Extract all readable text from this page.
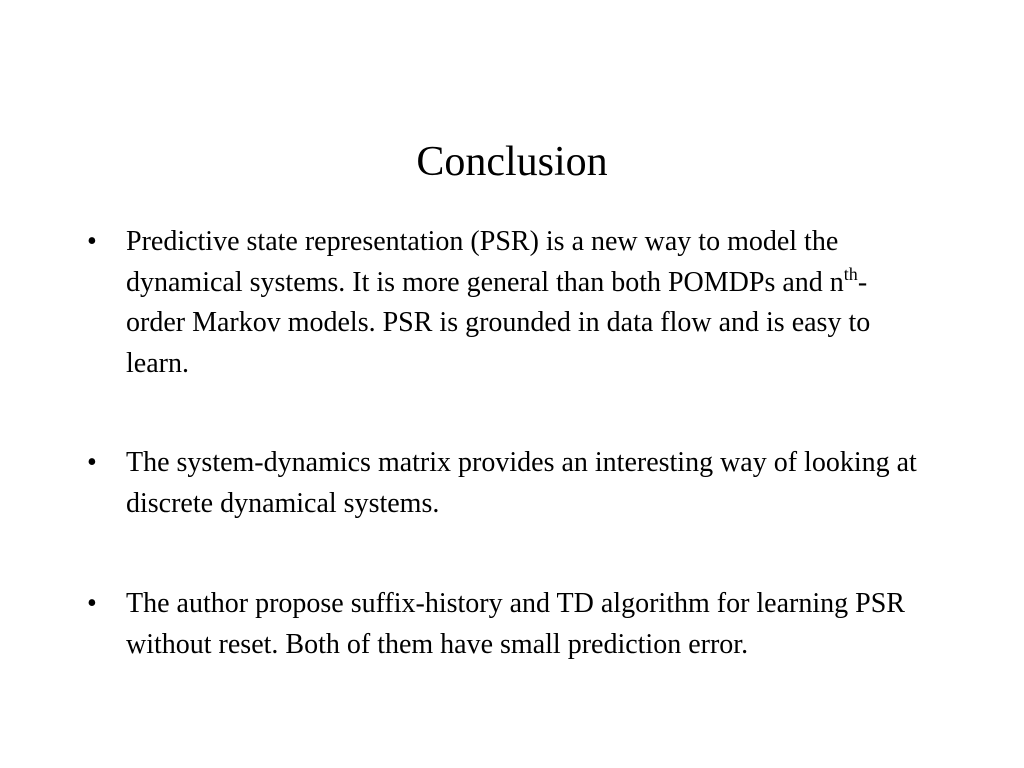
Conclusion
• Predictive state representation (PSR) is a new way to model the dynamical systems. It is more general than both POMDPs and $n^{th}$-order Markov models. PSR is grounded in data flow and is easy to learn.
• The system-dynamics matrix provides an interesting way of looking at discrete dynamical systems.
• The author propose suffix-history and TD algorithm for learning PSR without reset. Both of them have small prediction error.
